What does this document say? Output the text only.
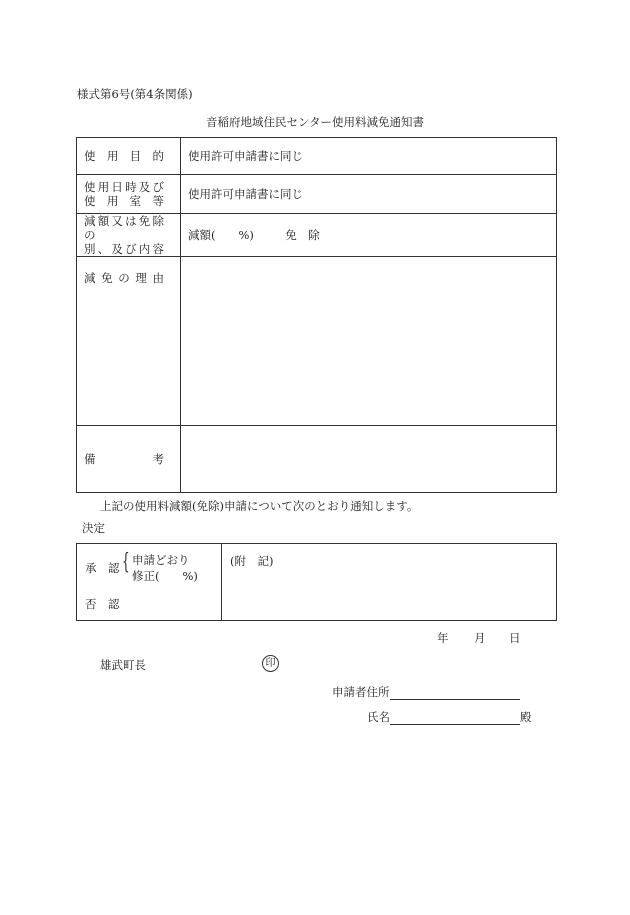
様式第6号(第4条関係)
音稲府地域住民センター使用料減免通知書
使 用 目 的	使用許可申請書に同じ

使用日時及び
使 用 室 等	使用許可申請書に同じ

減額又は免除の
別、及び内容	減額(　　%) 免　除

減 免 の 理 由	

備 考	

上記の使用料減額(免除)申請について次のとおり通知します。
決定
承　認 { 申請どおり
修正(　　%)
否　認
	(附　記)
年 月 日
雄武町長	印
申請者住所
氏名	殿
